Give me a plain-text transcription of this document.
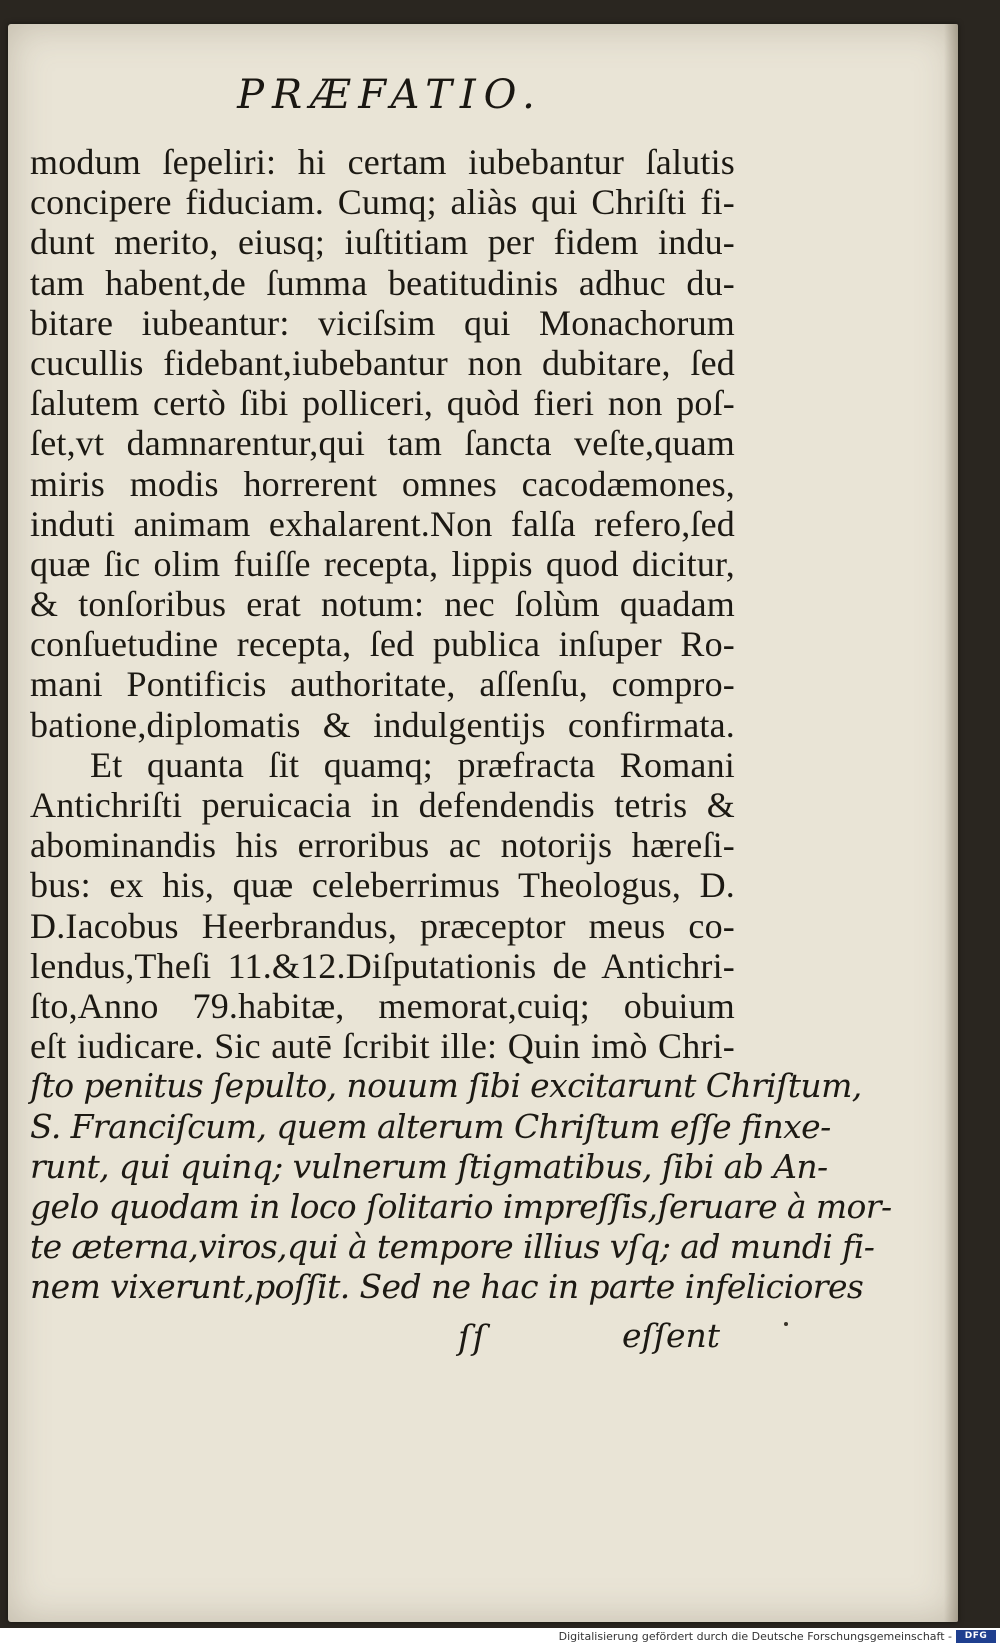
PRÆFATIO.
modum ſepeliri: hi certam iubebantur ſalutis
concipere fiduciam. Cumq; aliàs qui Chriſti fi-
dunt merito, eiusq; iuſtitiam per fidem indu-
tam habent,de ſumma beatitudinis adhuc du-
bitare iubeantur: viciſsim qui Monachorum
cucullis fidebant,iubebantur non dubitare, ſed
ſalutem certò ſibi polliceri, quòd fieri non poſ-
ſet,vt damnarentur,qui tam ſancta veſte,quam
miris modis horrerent omnes cacodæmones,
induti animam exhalarent.Non falſa refero,ſed
quæ ſic olim fuiſſe recepta, lippis quod dicitur,
& tonſoribus erat notum: nec ſolùm quadam
conſuetudine recepta, ſed publica inſuper Ro-
mani Pontificis authoritate, aſſenſu, compro-
batione,diplomatis & indulgentijs confirmata.
Et quanta ſit quamq; præfracta Romani
Antichriſti peruicacia in defendendis tetris &
abominandis his erroribus ac notorijs hæreſi-
bus: ex his, quæ celeberrimus Theologus, D.
D.Iacobus Heerbrandus, præceptor meus co-
lendus,Theſi 11.&12.Diſputationis de Antichri-
ſto,Anno 79.habitæ, memorat,cuiq; obuium
eſt iudicare. Sic autē ſcribit ille: Quin imò Chri-
ſto penitus ſepulto, nouum ſibi excitarunt Chriſtum,
S. Franciſcum, quem alterum Chriſtum eſſe finxe-
runt, qui quinq; vulnerum ſtigmatibus, ſibi ab An-
gelo quodam in loco ſolitario impreſſis,ſeruare à mor-
te æterna,viros,qui à tempore illius vſq; ad mundi fi-
nem vixerunt,poſſit. Sed ne hac in parte infeliciores
ſſ	eſſent
Digitalisierung gefördert durch die Deutsche Forschungsgemeinschaft -	DFG
